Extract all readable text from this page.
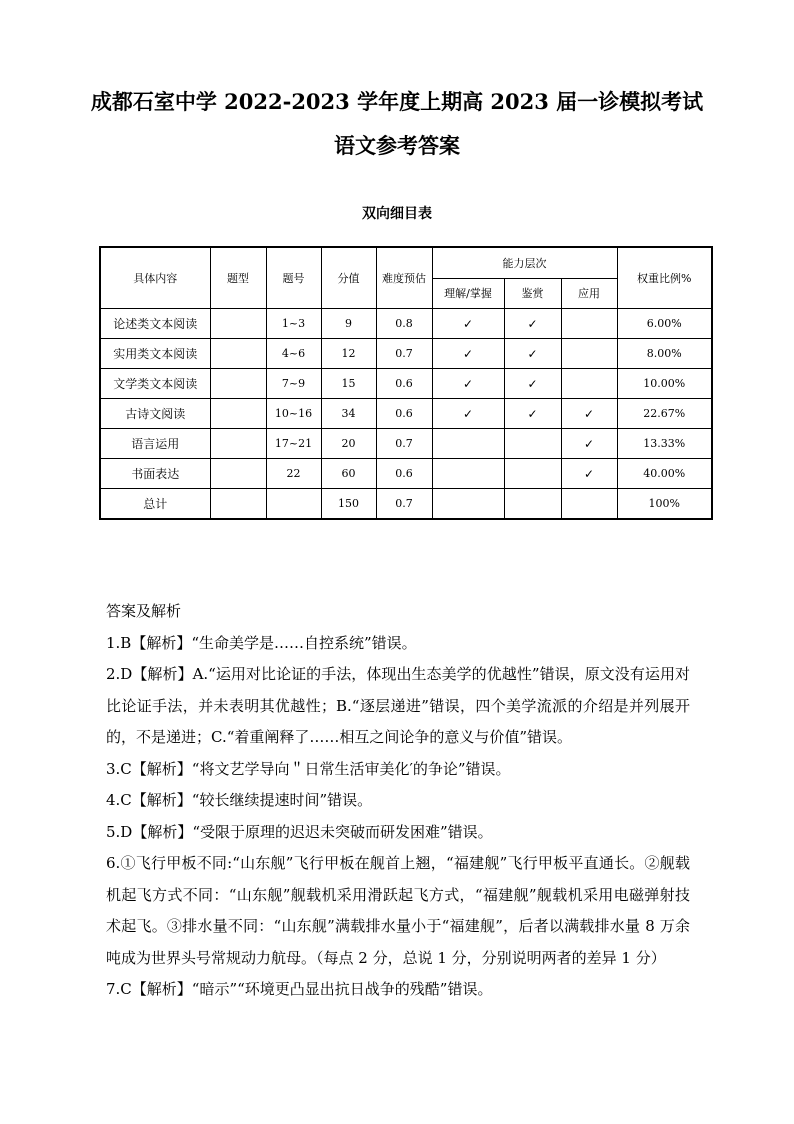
成都石室中学 2022-2023 学年度上期高 2023 届一诊模拟考试
语文参考答案
双向细目表
具体内容	题型	题号	分值	难度预估	能力层次			权重比例%
					理解/掌握	鉴赏	应用	
论述类文本阅读		1~3	9	0.8	✓	✓		6.00%
实用类文本阅读		4~6	12	0.7	✓	✓		8.00%
文学类文本阅读		7~9	15	0.6	✓	✓		10.00%
古诗文阅读		10~16	34	0.6	✓	✓	✓	22.67%
语言运用		17~21	20	0.7			✓	13.33%
书面表达		22	60	0.6			✓	40.00%
总计			150	0.7				100%

答案及解析

1.B【解析】“生命美学是……自控系统”错误。

2.D【解析】A.“运用对比论证的手法，体现出生态美学的优越性”错误，原文没有运用对比论证手法，并未表明其优越性；B.“逐层递进”错误，四个美学流派的介绍是并列展开的，不是递进；C.“着重阐释了……相互之间论争的意义与价值”错误。

3.C【解析】“将文艺学导向＂日常生活审美化′的争论”错误。

4.C【解析】“较长继续提速时间”错误。

5.D【解析】“受限于原理的迟迟未突破而研发困难”错误。

6.①飞行甲板不同:“山东舰”飞行甲板在舰首上翘，“福建舰”飞行甲板平直通长。②舰载机起飞方式不同：“山东舰”舰载机采用滑跃起飞方式，“福建舰”舰载机采用电磁弹射技术起飞。③排水量不同：“山东舰”满载排水量小于“福建舰”，后者以满载排水量 8 万余吨成为世界头号常规动力航母。（每点 2 分，总说 1 分，分别说明两者的差异 1 分）

7.C【解析】“暗示”“环境更凸显出抗日战争的残酷”错误。
